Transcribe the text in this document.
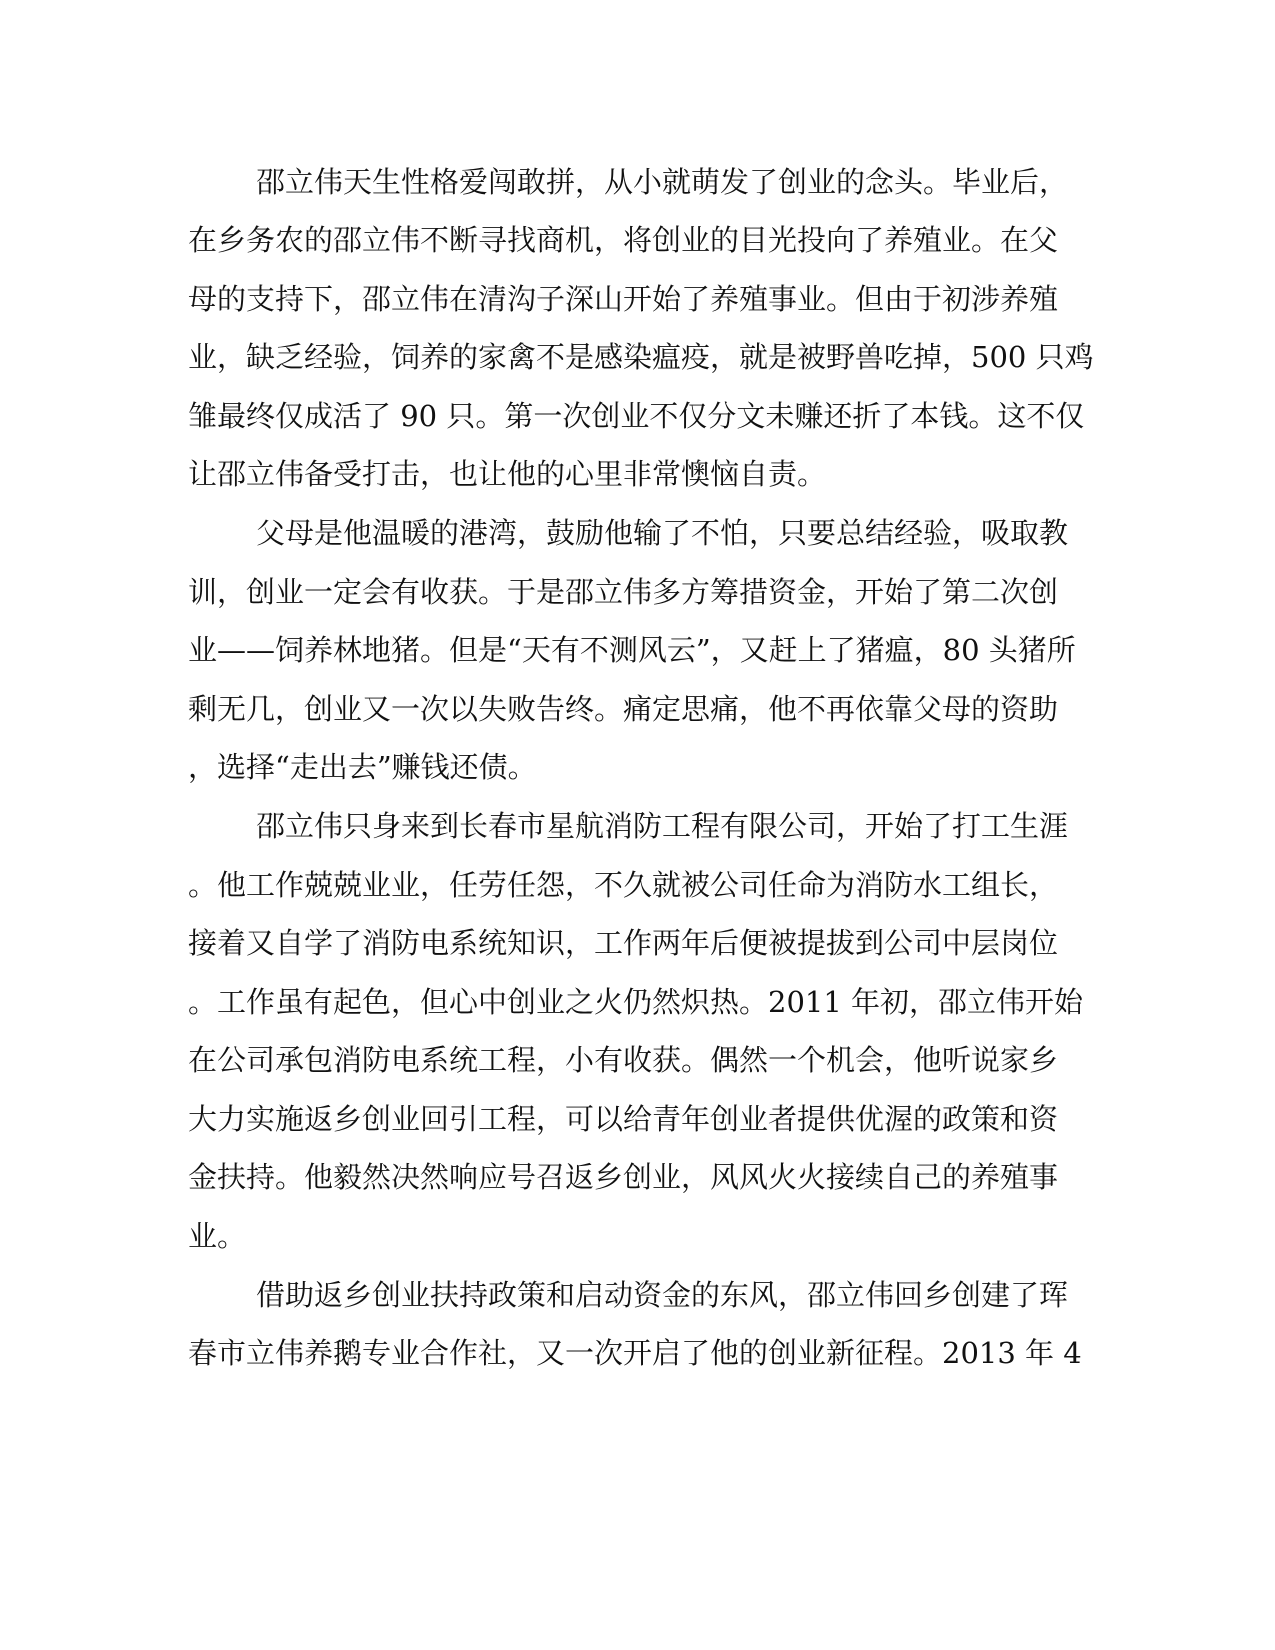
邵立伟天生性格爱闯敢拼，从小就萌发了创业的念头。毕业后，
在乡务农的邵立伟不断寻找商机，将创业的目光投向了养殖业。在父
母的支持下，邵立伟在清沟子深山开始了养殖事业。但由于初涉养殖
业，缺乏经验，饲养的家禽不是感染瘟疫，就是被野兽吃掉，500 只鸡
雏最终仅成活了 90 只。第一次创业不仅分文未赚还折了本钱。这不仅
让邵立伟备受打击，也让他的心里非常懊恼自责。
父母是他温暖的港湾，鼓励他输了不怕，只要总结经验，吸取教
训，创业一定会有收获。于是邵立伟多方筹措资金，开始了第二次创
业——饲养林地猪。但是“天有不测风云”，又赶上了猪瘟，80 头猪所
剩无几，创业又一次以失败告终。痛定思痛，他不再依靠父母的资助
，选择“走出去”赚钱还债。
邵立伟只身来到长春市星航消防工程有限公司，开始了打工生涯
。他工作兢兢业业，任劳任怨，不久就被公司任命为消防水工组长，
接着又自学了消防电系统知识，工作两年后便被提拔到公司中层岗位
。工作虽有起色，但心中创业之火仍然炽热。2011 年初，邵立伟开始
在公司承包消防电系统工程，小有收获。偶然一个机会，他听说家乡
大力实施返乡创业回引工程，可以给青年创业者提供优渥的政策和资
金扶持。他毅然决然响应号召返乡创业，风风火火接续自己的养殖事
业。
借助返乡创业扶持政策和启动资金的东风，邵立伟回乡创建了珲
春市立伟养鹅专业合作社，又一次开启了他的创业新征程。2013 年 4
